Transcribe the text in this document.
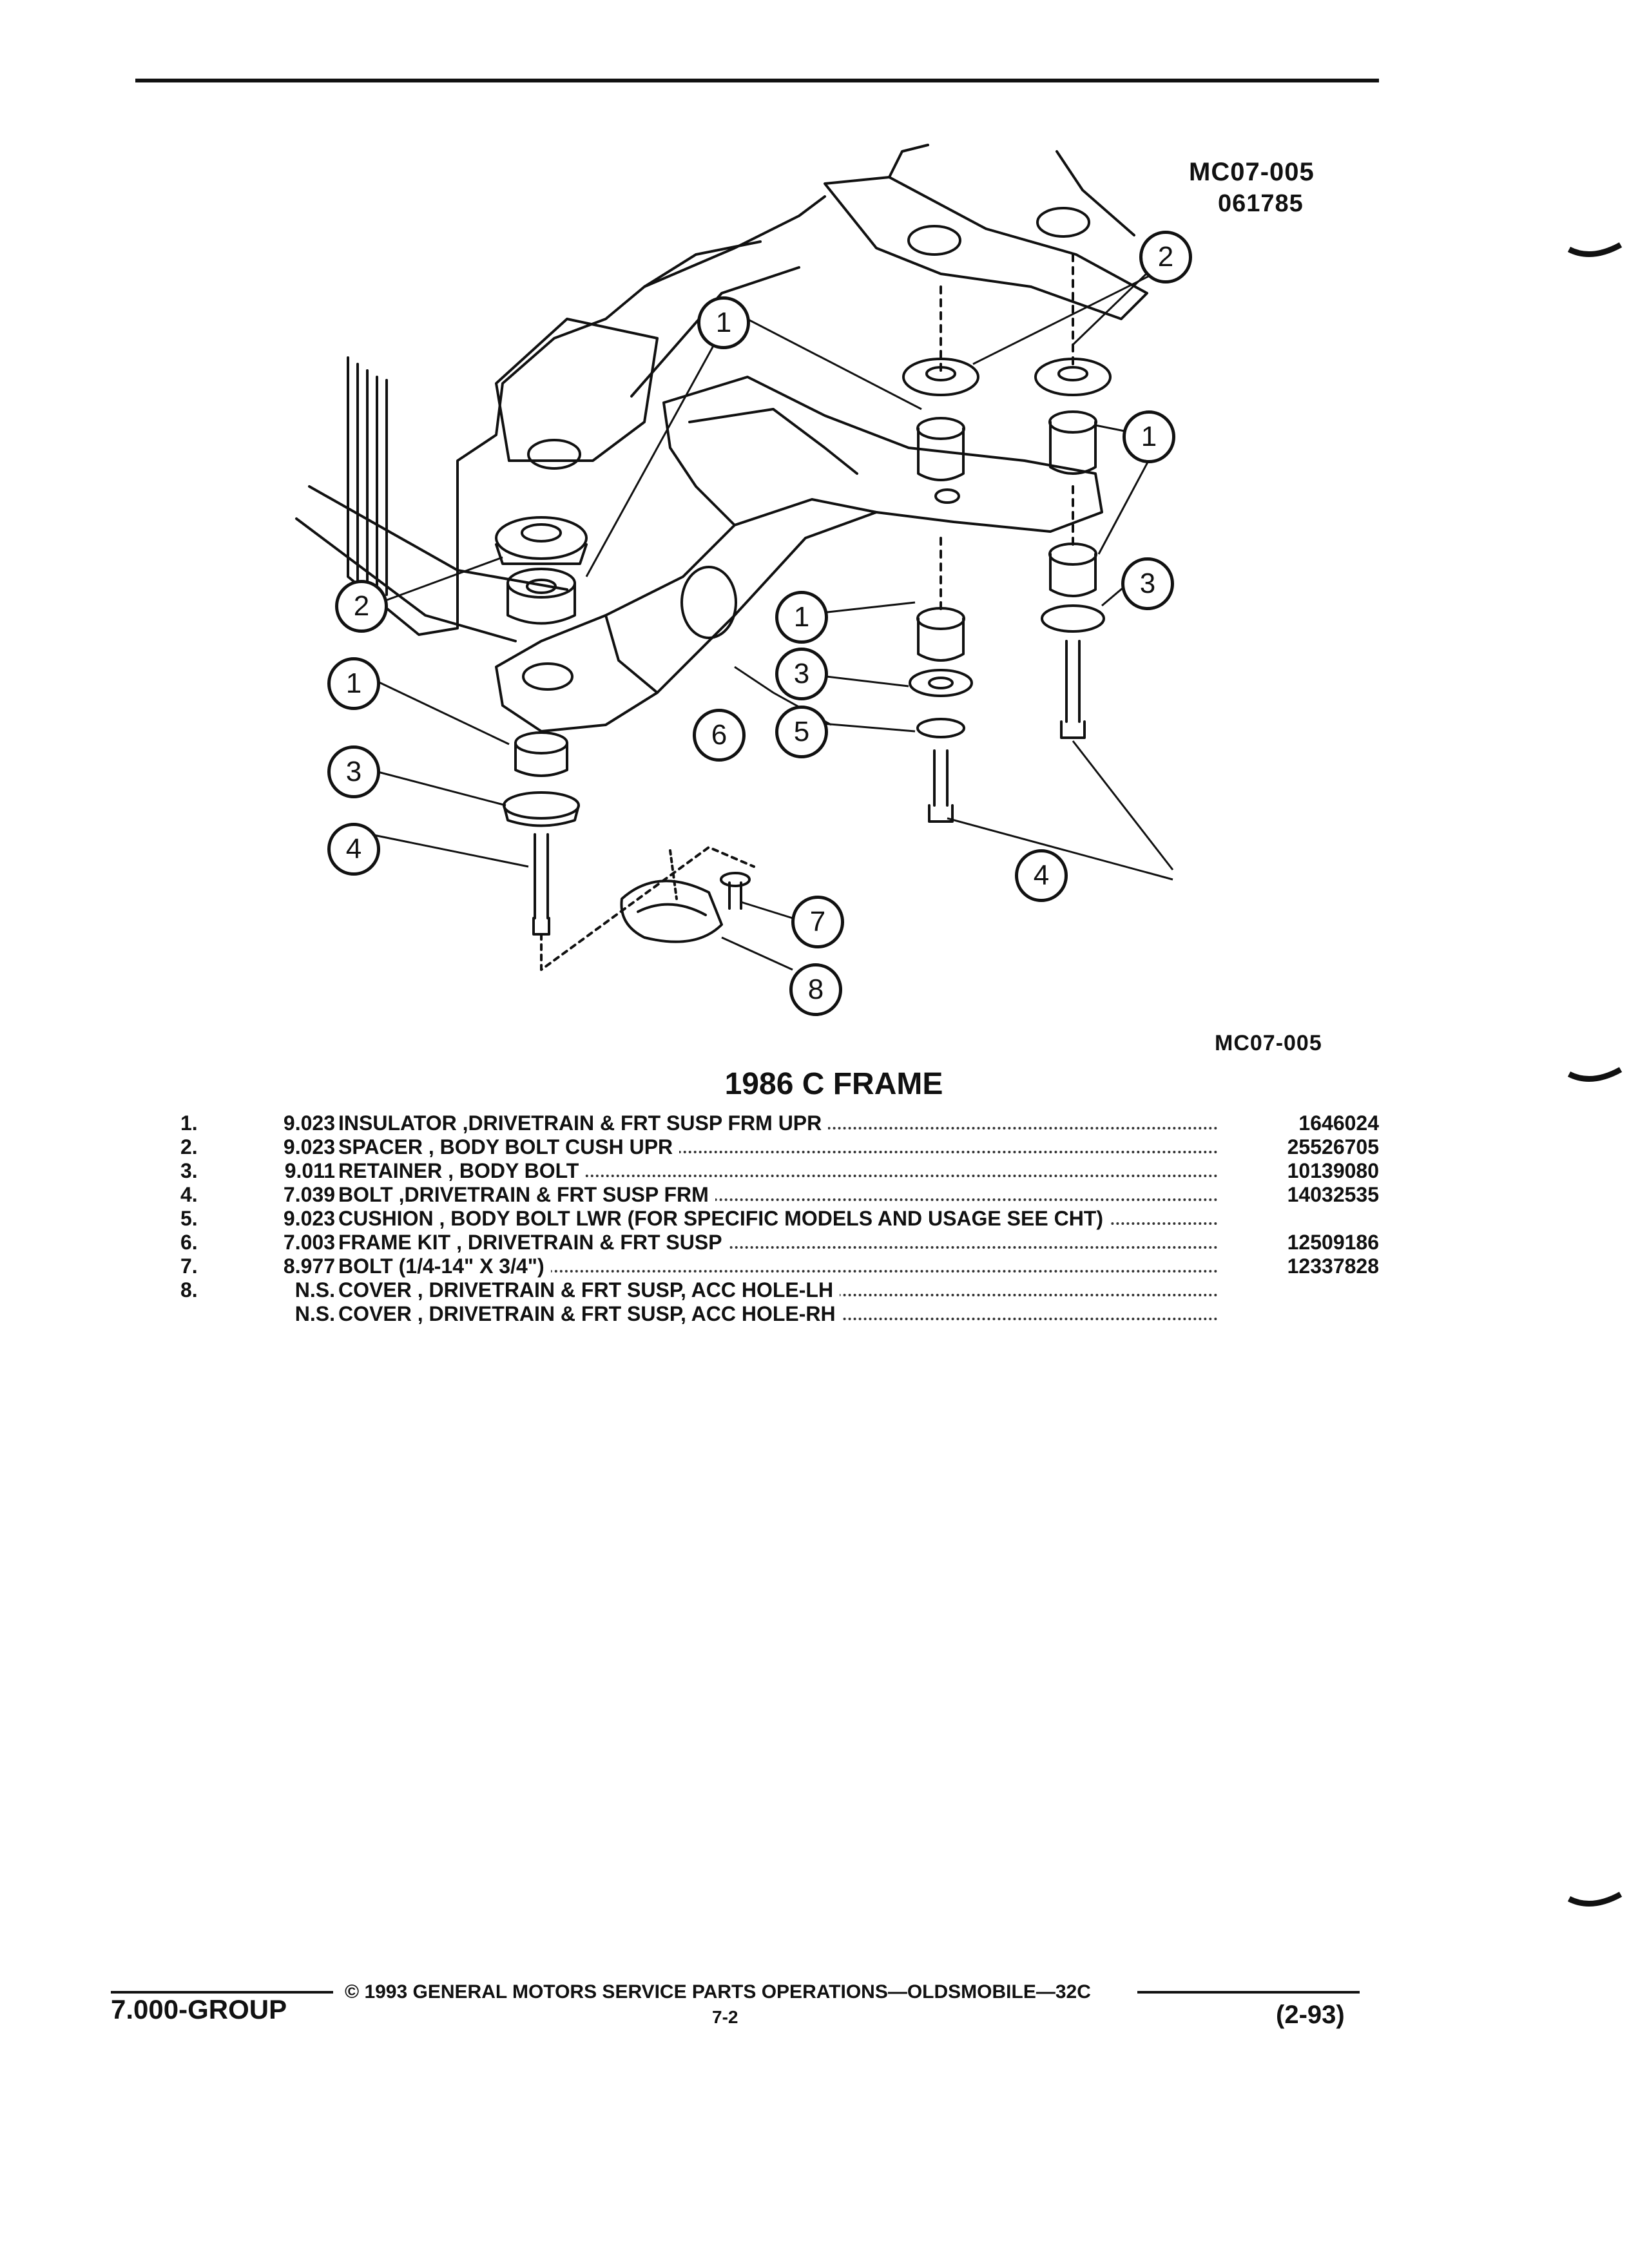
MC07-005
061785
1
2
1
3
2
1
3
4
1
3
5
6
4
7
8
MC07-005
1986 C FRAME
1.	9.023 INSULATOR ,DRIVETRAIN & FRT SUSP FRM UPR	1646024
2.	9.023 SPACER , BODY BOLT CUSH UPR	25526705
3.	9.011 RETAINER , BODY BOLT	10139080
4.	7.039 BOLT ,DRIVETRAIN & FRT SUSP FRM	14032535
5.	9.023 CUSHION , BODY BOLT LWR (FOR SPECIFIC MODELS AND USAGE SEE CHT)
6.	7.003 FRAME KIT , DRIVETRAIN & FRT SUSP	12509186
7.	8.977 BOLT (1/4-14" X 3/4")	12337828
8.	N.S. COVER , DRIVETRAIN & FRT SUSP, ACC HOLE-LH
N.S. COVER , DRIVETRAIN & FRT SUSP, ACC HOLE-RH
© 1993 GENERAL MOTORS SERVICE PARTS OPERATIONS—OLDSMOBILE—32C
7.000-GROUP	7-2	(2-93)
